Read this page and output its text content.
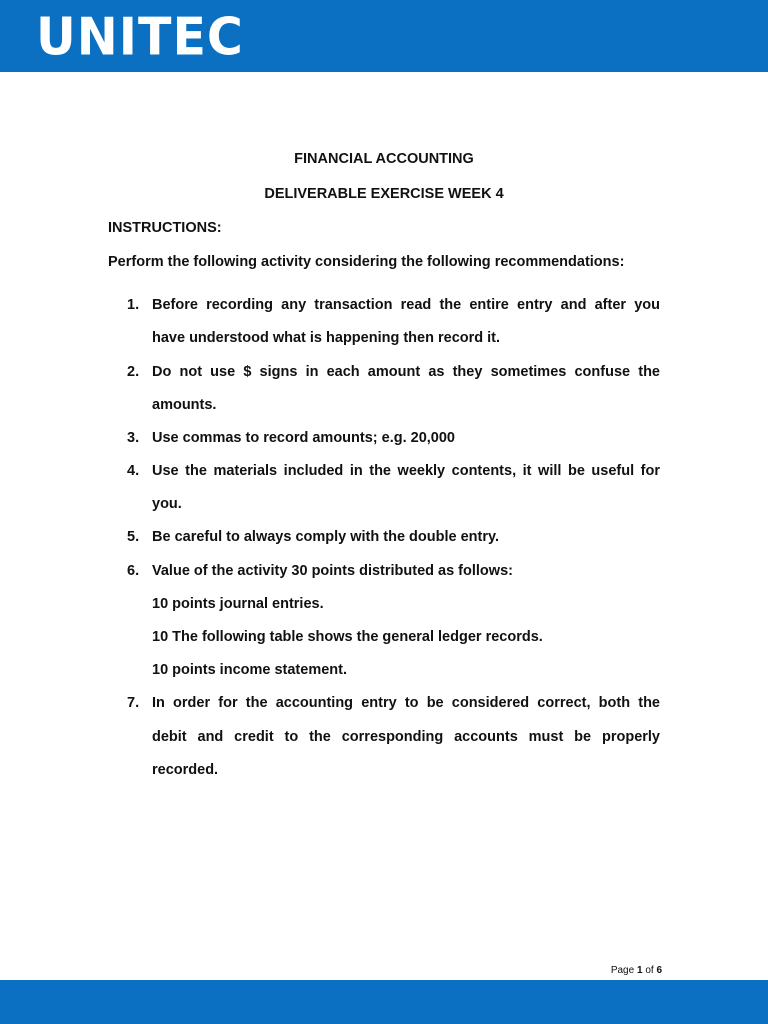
UNITEC
FINANCIAL ACCOUNTING
DELIVERABLE EXERCISE WEEK 4
INSTRUCTIONS:
Perform the following activity considering the following recommendations:
1. Before recording any transaction read the entire entry and after you
have understood what is happening then record it.
2. Do not use $ signs in each amount as they sometimes confuse the
amounts.
3. Use commas to record amounts; e.g. 20,000
4. Use the materials included in the weekly contents, it will be useful for
you.
5. Be careful to always comply with the double entry.
6. Value of the activity 30 points distributed as follows:
10 points journal entries.
10 The following table shows the general ledger records.
10 points income statement.
7. In order for the accounting entry to be considered correct, both the
debit and credit to the corresponding accounts must be properly
recorded.
Page 1 of 6
